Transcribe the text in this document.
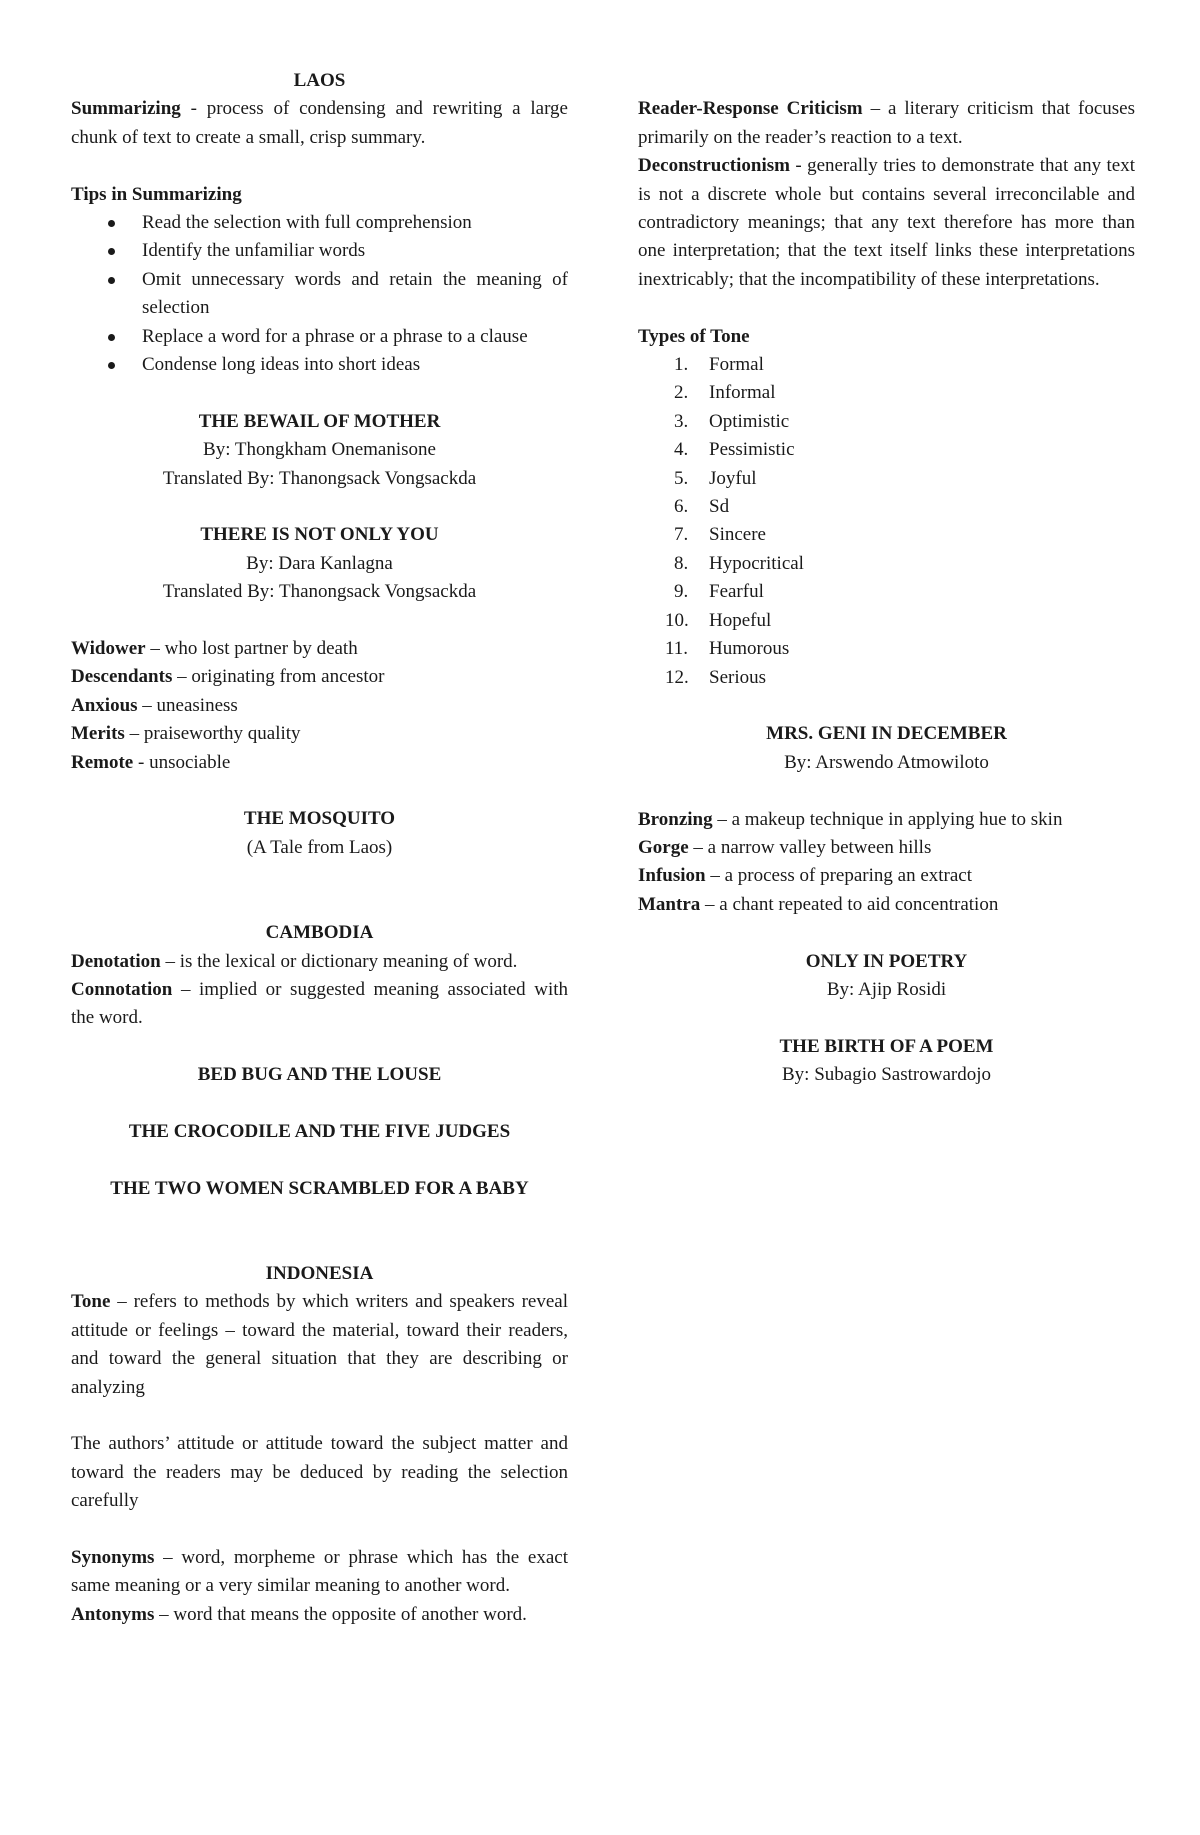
LAOS
Summarizing - process of condensing and rewriting a large chunk of text to create a small, crisp summary.
Tips in Summarizing
Read the selection with full comprehension
Identify the unfamiliar words
Omit unnecessary words and retain the meaning of selection
Replace a word for a phrase or a phrase to a clause
Condense long ideas into short ideas
THE BEWAIL OF MOTHER
By: Thongkham Onemanisone
Translated By: Thanongsack Vongsackda
THERE IS NOT ONLY YOU
By: Dara Kanlagna
Translated By: Thanongsack Vongsackda
Widower – who lost partner by death
Descendants – originating from ancestor
Anxious – uneasiness
Merits – praiseworthy quality
Remote - unsociable
THE MOSQUITO
(A Tale from Laos)
CAMBODIA
Denotation – is the lexical or dictionary meaning of word.
Connotation – implied or suggested meaning associated with the word.
BED BUG AND THE LOUSE
THE CROCODILE AND THE FIVE JUDGES
THE TWO WOMEN SCRAMBLED FOR A BABY
INDONESIA
Tone – refers to methods by which writers and speakers reveal attitude or feelings – toward the material, toward their readers, and toward the general situation that they are describing or analyzing
The authors’ attitude or attitude toward the subject matter and toward the readers may be deduced by reading the selection carefully
Synonyms – word, morpheme or phrase which has the exact same meaning or a very similar meaning to another word.
Antonyms – word that means the opposite of another word.
Reader-Response Criticism – a literary criticism that focuses primarily on the reader’s reaction to a text.
Deconstructionism - generally tries to demonstrate that any text is not a discrete whole but contains several irreconcilable and contradictory meanings; that any text therefore has more than one interpretation; that the text itself links these interpretations inextricably; that the incompatibility of these interpretations.
Types of Tone
1. Formal
2. Informal
3. Optimistic
4. Pessimistic
5. Joyful
6. Sd
7. Sincere
8. Hypocritical
9. Fearful
10. Hopeful
11. Humorous
12. Serious
MRS. GENI IN DECEMBER
By: Arswendo Atmowiloto
Bronzing – a makeup technique in applying hue to skin
Gorge – a narrow valley between hills
Infusion – a process of preparing an extract
Mantra – a chant repeated to aid concentration
ONLY IN POETRY
By: Ajip Rosidi
THE BIRTH OF A POEM
By: Subagio Sastrowardojo
